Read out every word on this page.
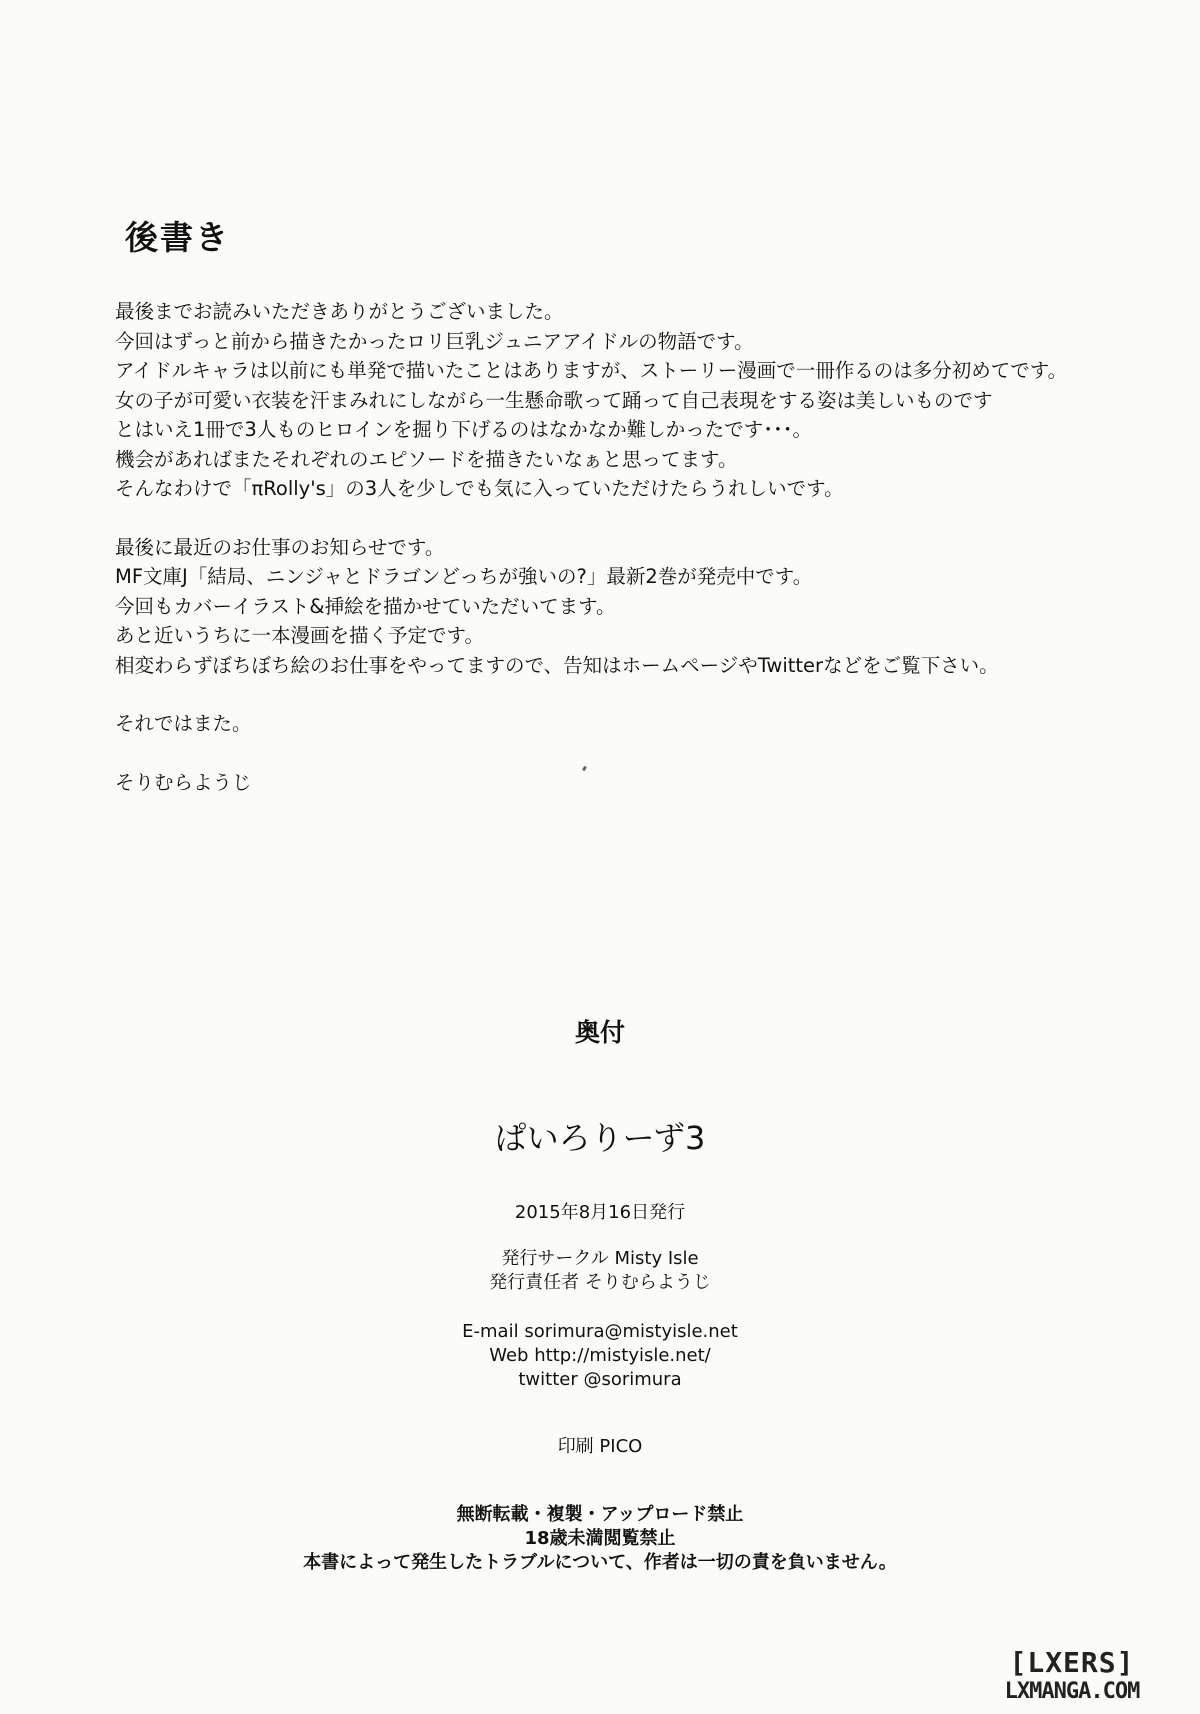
後書き

最後までお読みいただきありがとうございました。

今回はずっと前から描きたかったロリ巨乳ジュニアアイドルの物語です。

アイドルキャラは以前にも単発で描いたことはありますが、ストーリー漫画で一冊作るのは多分初めてです。

女の子が可愛い衣装を汗まみれにしながら一生懸命歌って踊って自己表現をする姿は美しいものです

とはいえ1冊で3人ものヒロインを掘り下げるのはなかなか難しかったです･･･。

機会があればまたそれぞれのエピソードを描きたいなぁと思ってます。

そんなわけで「πRolly's」の3人を少しでも気に入っていただけたらうれしいです。

最後に最近のお仕事のお知らせです。

MF文庫J「結局、ニンジャとドラゴンどっちが強いの?」最新2巻が発売中です。

今回もカバーイラスト&挿絵を描かせていただいてます。

あと近いうちに一本漫画を描く予定です。

相変わらずぼちぼち絵のお仕事をやってますので、告知はホームページやTwitterなどをご覧下さい。

それではまた。

そりむらようじ

奥付
ぱいろりーず3
2015年8月16日発行
発行サークル Misty Isle
発行責任者 そりむらようじ
E-mail sorimura@mistyisle.net
Web http://mistyisle.net/
twitter @sorimura
印刷 PICO
無断転載・複製・アップロード禁止
18歳未満閲覧禁止
本書によって発生したトラブルについて、作者は一切の責を負いません。
[LXERS]
LXMANGA.COM
